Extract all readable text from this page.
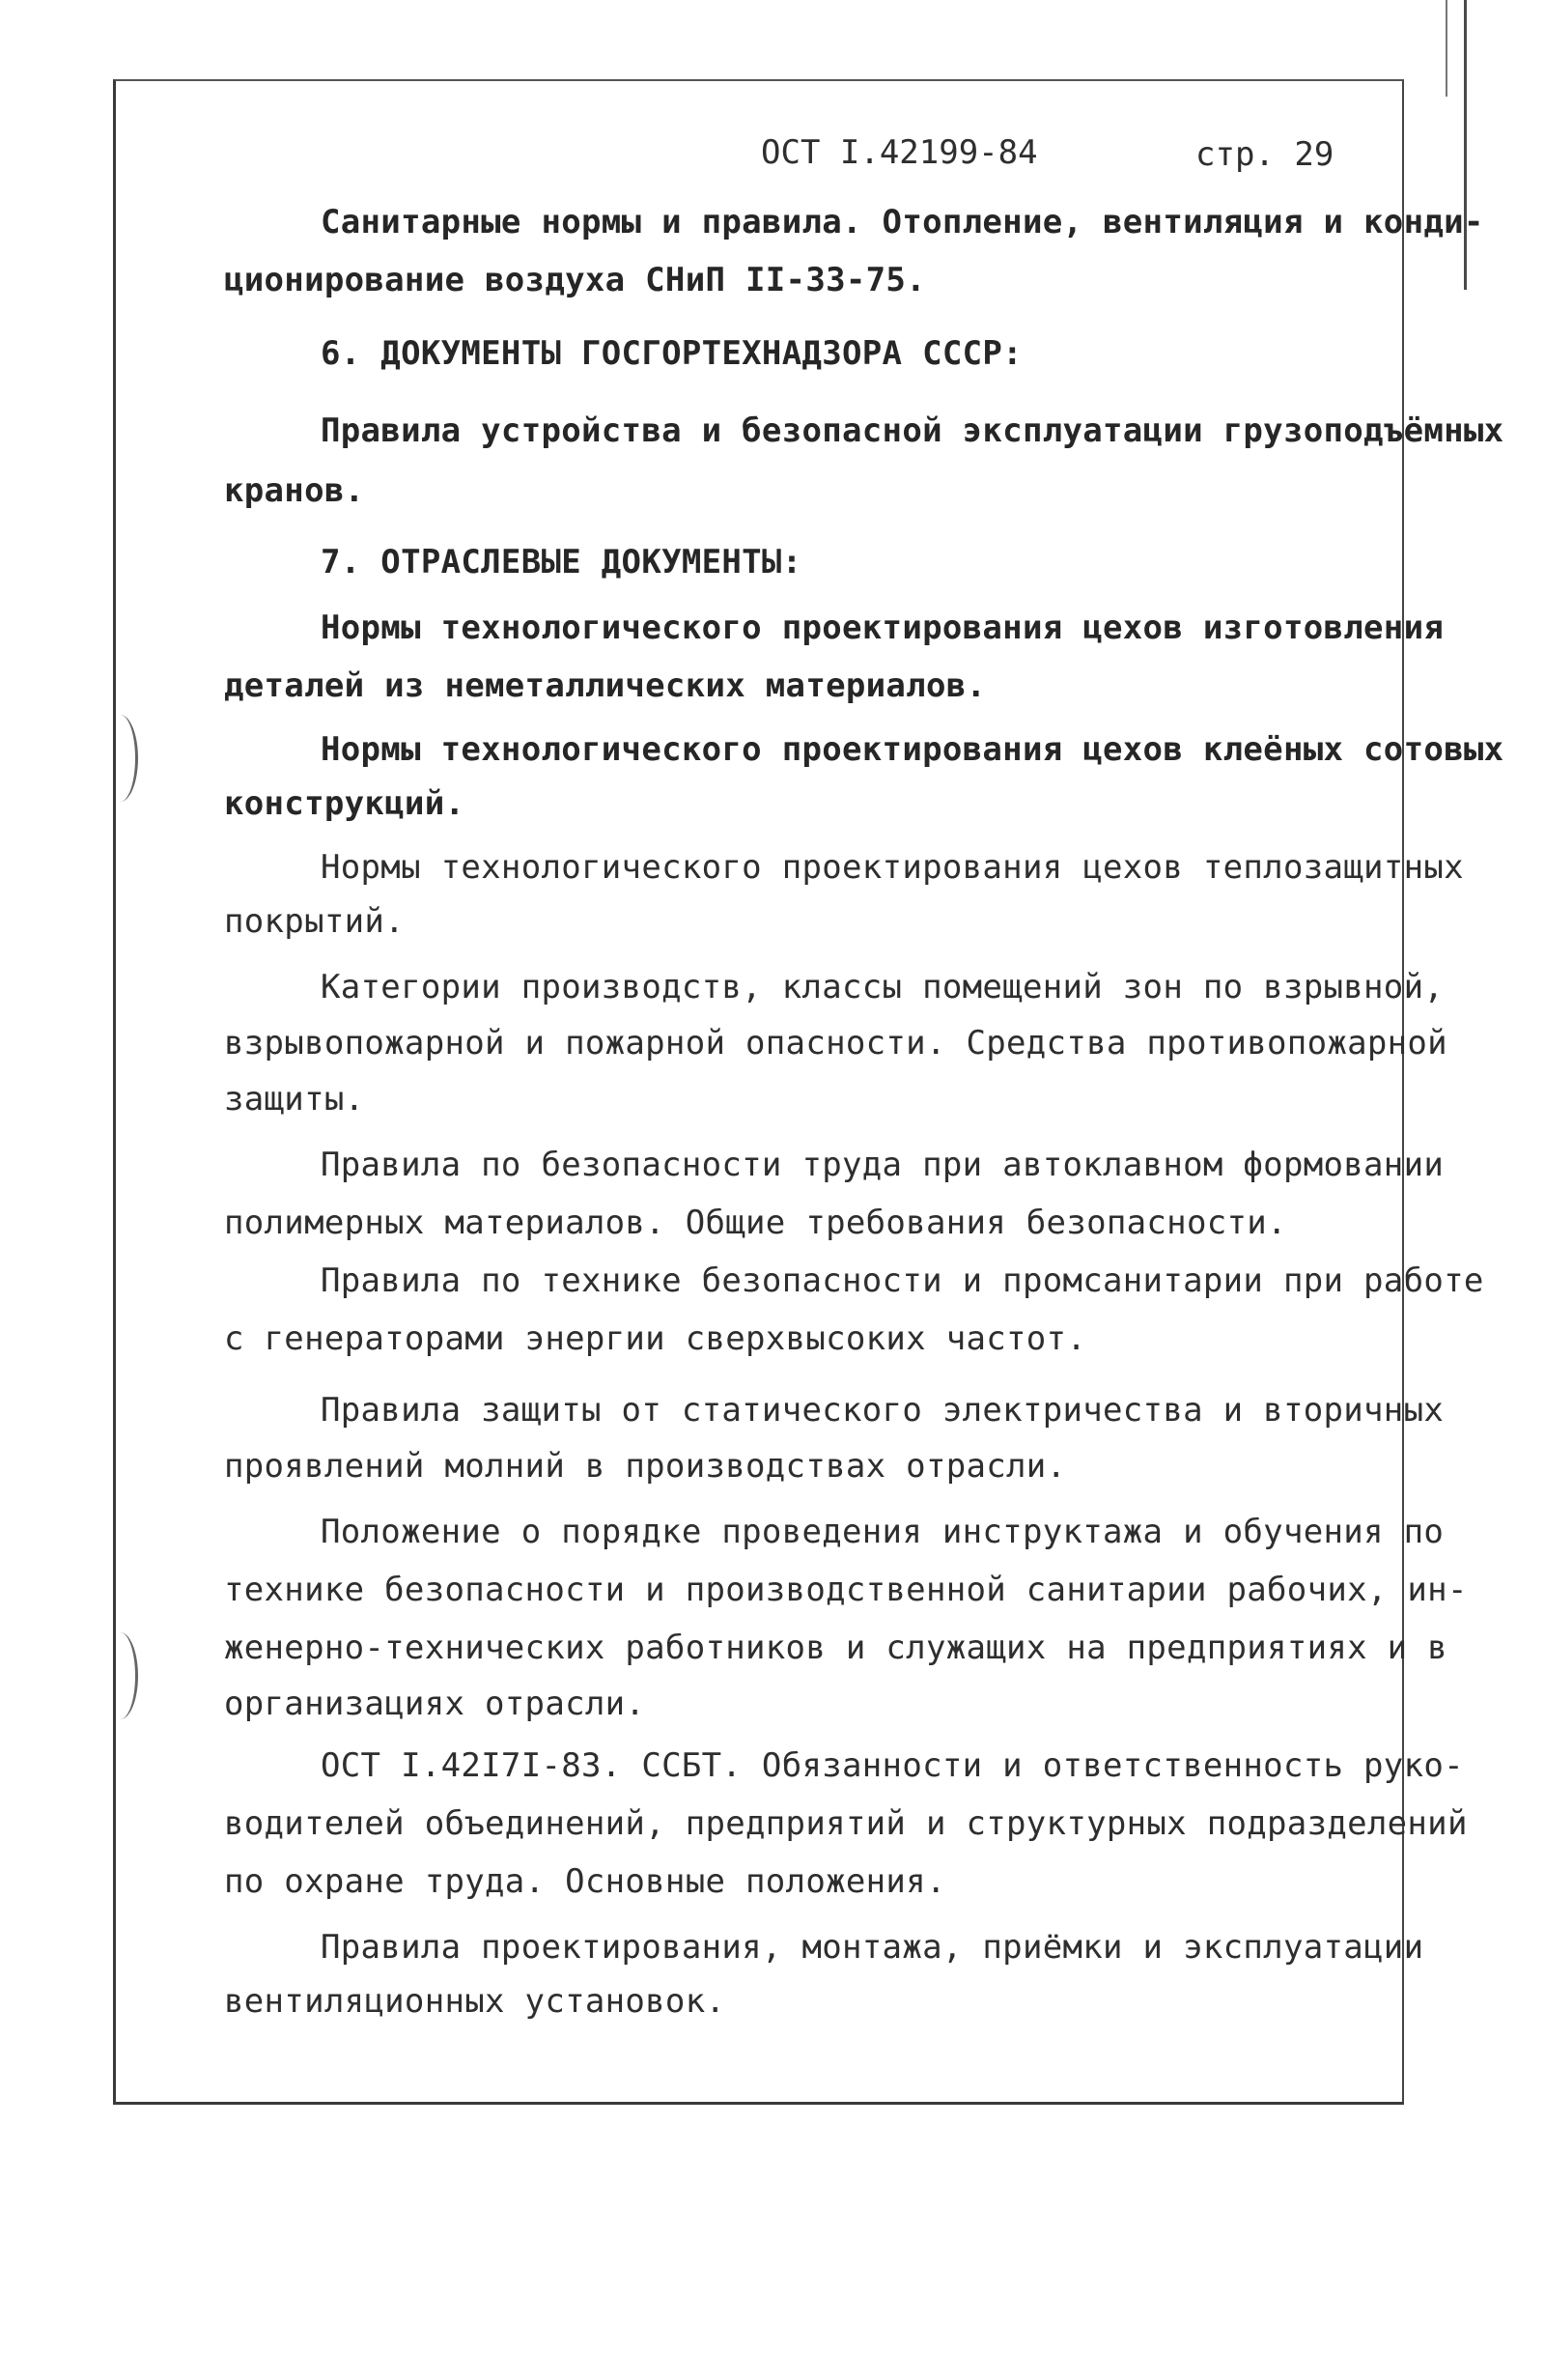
ОСТ I.42199-84	стр. 29
Санитарные нормы и правила. Отопление, вентиляция и конди-
ционирование воздуха СНиП II-33-75.
6. ДОКУМЕНТЫ ГОСГОРТЕХНАДЗОРА СССР:
Правила устройства и безопасной эксплуатации грузоподъёмных
кранов.
7. ОТРАСЛЕВЫЕ ДОКУМЕНТЫ:
Нормы технологического проектирования цехов изготовления
деталей из неметаллических материалов.
Нормы технологического проектирования цехов клеёных сотовых
конструкций.
Нормы технологического проектирования цехов теплозащитных
покрытий.
Категории производств, классы помещений зон по взрывной,
взрывопожарной и пожарной опасности. Средства противопожарной
защиты.
Правила по безопасности труда при автоклавном формовании
полимерных материалов. Общие требования безопасности.
Правила по технике безопасности и промсанитарии при работе
с генераторами энергии сверхвысоких частот.
Правила защиты от статического электричества и вторичных
проявлений молний в производствах отрасли.
Положение о порядке проведения инструктажа и обучения по
технике безопасности и производственной санитарии рабочих, ин-
женерно-технических работников и служащих на предприятиях и в
организациях отрасли.
ОСТ I.42I7I-83. ССБТ. Обязанности и ответственность руко-
водителей объединений, предприятий и структурных подразделений
по охране труда. Основные положения.
Правила проектирования, монтажа, приёмки и эксплуатации
вентиляционных установок.
